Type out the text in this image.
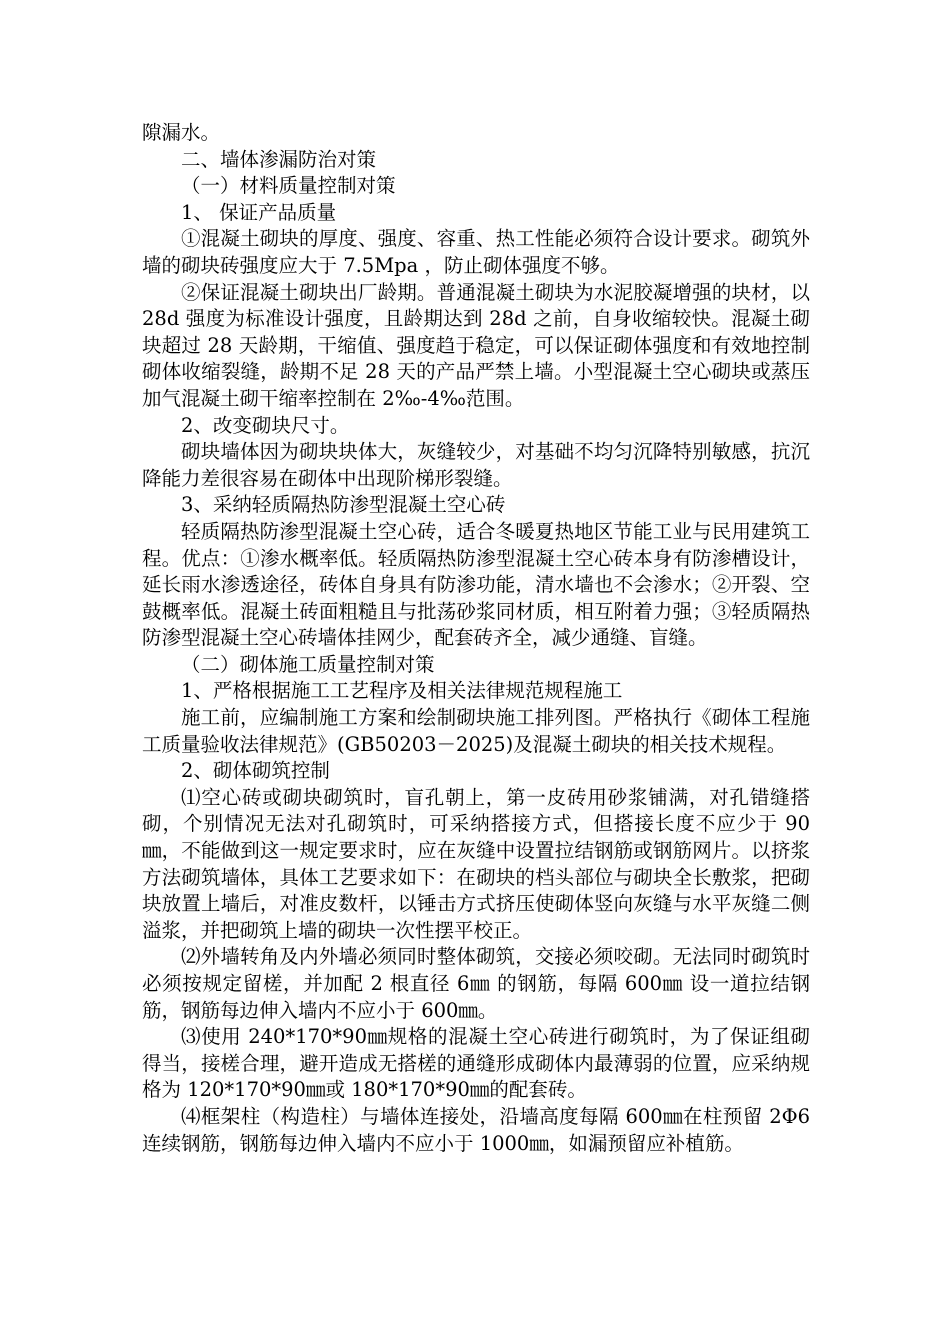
隙漏水。

二、墙体渗漏防治对策

（一）材料质量控制对策

1、 保证产品质量

①混凝土砌块的厚度、强度、容重、热工性能必须符合设计要求。砌筑外墙的砌块砖强度应大于 7.5Mpa ，防止砌体强度不够。

②保证混凝土砌块出厂龄期。普通混凝土砌块为水泥胶凝增强的块材，以 28d 强度为标准设计强度，且龄期达到 28d 之前，自身收缩较快。混凝土砌块超过 28 天龄期，干缩值、强度趋于稳定，可以保证砌体强度和有效地控制砌体收缩裂缝，龄期不足 28 天的产品严禁上墙。小型混凝土空心砌块或蒸压加气混凝土砌干缩率控制在 2‰-4‰范围。

2、改变砌块尺寸。

砌块墙体因为砌块块体大，灰缝较少，对基础不均匀沉降特别敏感，抗沉降能力差很容易在砌体中出现阶梯形裂缝。

3、采纳轻质隔热防渗型混凝土空心砖

轻质隔热防渗型混凝土空心砖，适合冬暖夏热地区节能工业与民用建筑工程。优点：①渗水概率低。轻质隔热防渗型混凝土空心砖本身有防渗槽设计，延长雨水渗透途径，砖体自身具有防渗功能，清水墙也不会渗水；②开裂、空鼓概率低。混凝土砖面粗糙且与批荡砂浆同材质，相互附着力强；③轻质隔热防渗型混凝土空心砖墙体挂网少，配套砖齐全，减少通缝、盲缝。

（二）砌体施工质量控制对策

1、严格根据施工工艺程序及相关法律规范规程施工

施工前，应编制施工方案和绘制砌块施工排列图。严格执行《砌体工程施工质量验收法律规范》(GB50203－2025)及混凝土砌块的相关技术规程。

2、砌体砌筑控制

⑴空心砖或砌块砌筑时，盲孔朝上，第一皮砖用砂浆铺满，对孔错缝搭砌，个别情况无法对孔砌筑时，可采纳搭接方式，但搭接长度不应少于 90㎜，不能做到这一规定要求时，应在灰缝中设置拉结钢筋或钢筋网片。以挤浆方法砌筑墙体，具体工艺要求如下：在砌块的档头部位与砌块全长敷浆，把砌块放置上墙后，对准皮数杆，以锤击方式挤压使砌体竖向灰缝与水平灰缝二侧溢浆，并把砌筑上墙的砌块一次性摆平校正。

⑵外墙转角及内外墙必须同时整体砌筑，交接必须咬砌。无法同时砌筑时必须按规定留槎，并加配 2 根直径 6㎜ 的钢筋，每隔 600㎜ 设一道拉结钢筋，钢筋每边伸入墙内不应小于 600㎜。

⑶使用 240*170*90㎜规格的混凝土空心砖进行砌筑时，为了保证组砌得当，接槎合理，避开造成无搭槎的通缝形成砌体内最薄弱的位置，应采纳规格为 120*170*90㎜或 180*170*90㎜的配套砖。

⑷框架柱（构造柱）与墙体连接处，沿墙高度每隔 600㎜在柱预留 2Φ6 连续钢筋，钢筋每边伸入墙内不应小于 1000㎜，如漏预留应补植筋。
